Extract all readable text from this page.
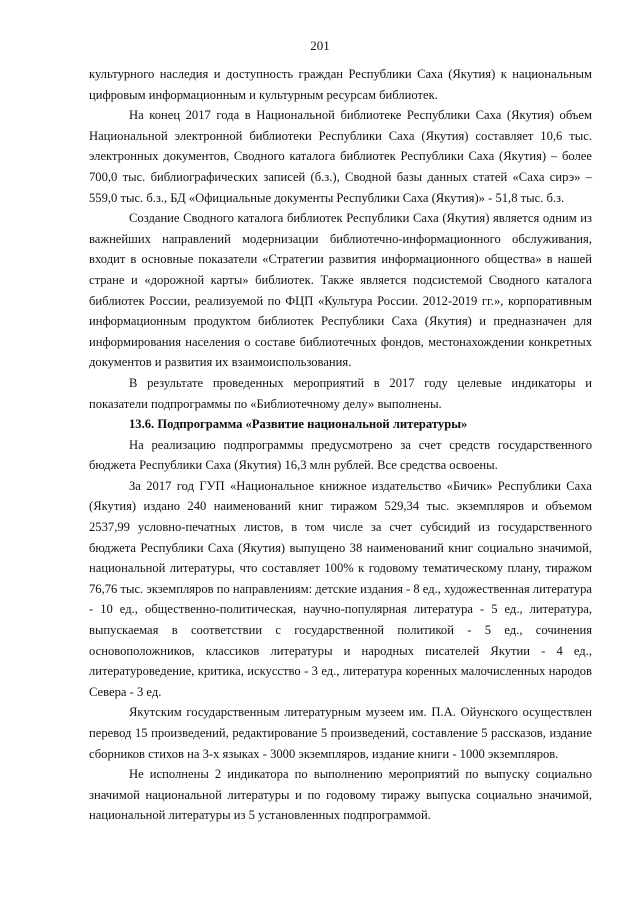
201

культурного наследия и доступность граждан Республики Саха (Якутия) к национальным цифровым информационным и культурным ресурсам библиотек.

На конец 2017 года в Национальной библиотеке Республики Саха (Якутия) объем Национальной электронной библиотеки Республики Саха (Якутия) составляет 10,6 тыс. электронных документов, Сводного каталога библиотек Республики Саха (Якутия) – более 700,0 тыс. библиографических записей (б.з.), Сводной базы данных статей «Саха сирэ» – 559,0 тыс. б.з., БД «Официальные документы Республики Саха (Якутия)» - 51,8 тыс. б.з.

Создание Сводного каталога библиотек Республики Саха (Якутия) является одним из важнейших направлений модернизации библиотечно-информационного обслуживания, входит в основные показатели «Стратегии развития информационного общества» в нашей стране и «дорожной карты» библиотек. Также является подсистемой Сводного каталога библиотек России, реализуемой по ФЦП «Культура России. 2012-2019 гг.», корпоративным информационным продуктом библиотек Республики Саха (Якутия) и предназначен для информирования населения о составе библиотечных фондов, местонахождении конкретных документов и развития их взаимоиспользования.

В результате проведенных мероприятий в 2017 году целевые индикаторы и показатели подпрограммы по «Библиотечному делу» выполнены.

13.6. Подпрограмма «Развитие национальной литературы»

На реализацию подпрограммы предусмотрено за счет средств государственного бюджета Республики Саха (Якутия) 16,3 млн рублей. Все средства освоены.

За 2017 год ГУП «Национальное книжное издательство «Бичик» Республики Саха (Якутия) издано 240 наименований книг тиражом 529,34 тыс. экземпляров и объемом 2537,99 условно-печатных листов, в том числе за счет субсидий из государственного бюджета Республики Саха (Якутия) выпущено 38 наименований книг социально значимой, национальной литературы, что составляет 100% к годовому тематическому плану, тиражом 76,76 тыс. экземпляров по направлениям: детские издания - 8 ед., художественная литература - 10 ед., общественно-политическая, научно-популярная литература - 5 ед., литература, выпускаемая в соответствии с государственной политикой - 5 ед., сочинения основоположников, классиков литературы и народных писателей Якутии - 4 ед., литературоведение, критика, искусство - 3 ед., литература коренных малочисленных народов Севера - 3 ед.

Якутским государственным литературным музеем им. П.А. Ойунского осуществлен перевод 15 произведений, редактирование 5 произведений, составление 5 рассказов, издание сборников стихов на 3-х языках - 3000 экземпляров, издание книги - 1000 экземпляров.

Не исполнены 2 индикатора по выполнению мероприятий по выпуску социально значимой национальной литературы и по годовому тиражу выпуска социально значимой, национальной литературы из 5 установленных подпрограммой.
